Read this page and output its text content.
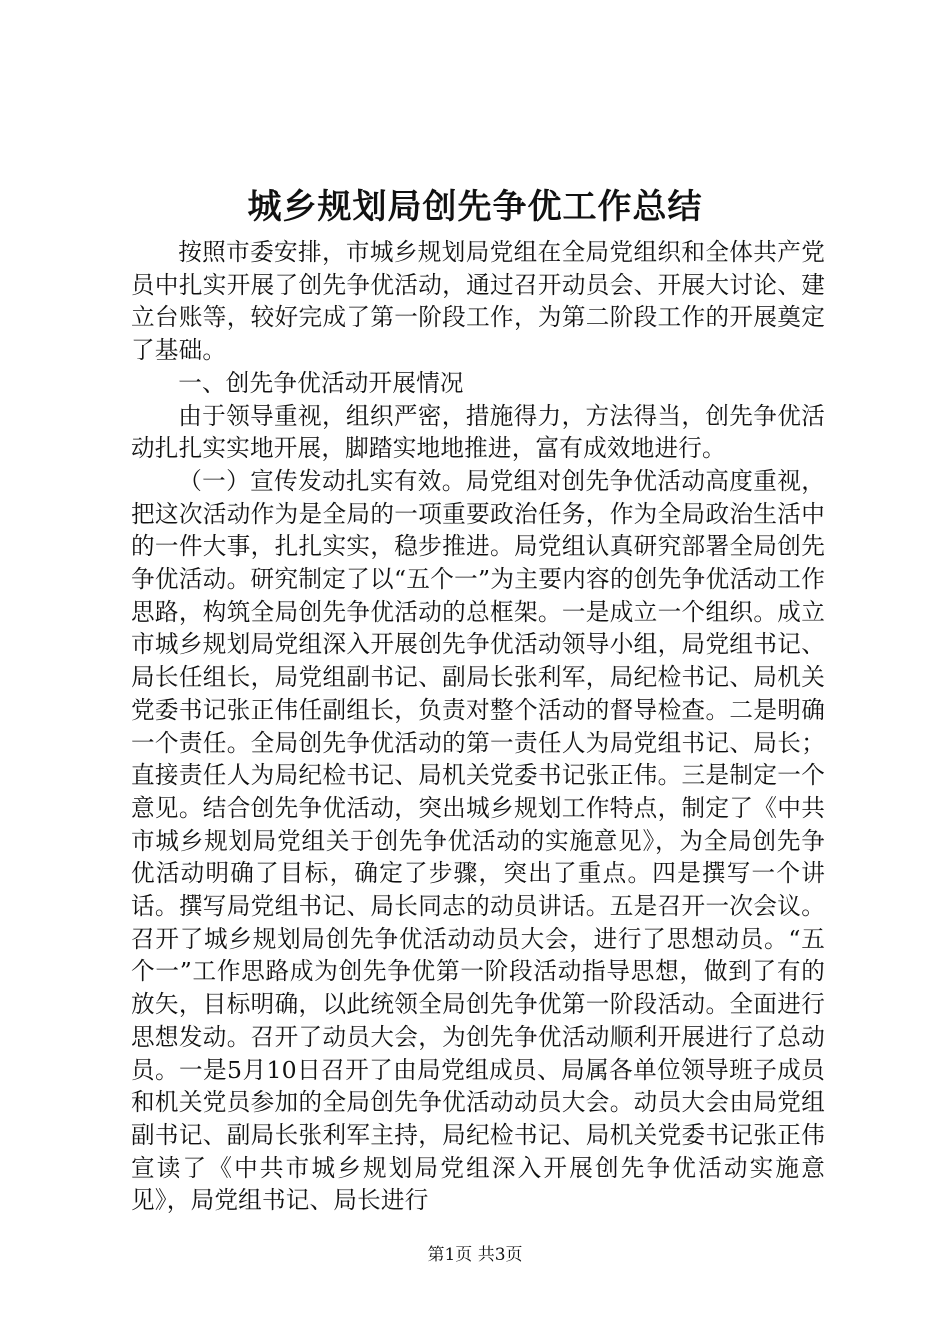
城乡规划局创先争优工作总结

按照市委安排，市城乡规划局党组在全局党组织和全体共产党员中扎实开展了创先争优活动，通过召开动员会、开展大讨论、建立台账等，较好完成了第一阶段工作，为第二阶段工作的开展奠定了基础。

一、创先争优活动开展情况

由于领导重视，组织严密，措施得力，方法得当，创先争优活动扎扎实实地开展，脚踏实地地推进，富有成效地进行。

（一）宣传发动扎实有效。局党组对创先争优活动高度重视，把这次活动作为是全局的一项重要政治任务，作为全局政治生活中的一件大事，扎扎实实，稳步推进。局党组认真研究部署全局创先争优活动。研究制定了以“五个一”为主要内容的创先争优活动工作思路，构筑全局创先争优活动的总框架。一是成立一个组织。成立市城乡规划局党组深入开展创先争优活动领导小组，局党组书记、局长任组长，局党组副书记、副局长张利军，局纪检书记、局机关党委书记张正伟任副组长，负责对整个活动的督导检查。二是明确一个责任。全局创先争优活动的第一责任人为局党组书记、局长；直接责任人为局纪检书记、局机关党委书记张正伟。三是制定一个意见。结合创先争优活动，突出城乡规划工作特点，制定了《中共市城乡规划局党组关于创先争优活动的实施意见》，为全局创先争优活动明确了目标，确定了步骤，突出了重点。四是撰写一个讲话。撰写局党组书记、局长同志的动员讲话。五是召开一次会议。召开了城乡规划局创先争优活动动员大会，进行了思想动员。“五个一”工作思路成为创先争优第一阶段活动指导思想，做到了有的放矢，目标明确，以此统领全局创先争优第一阶段活动。全面进行思想发动。召开了动员大会，为创先争优活动顺利开展进行了总动员。一是5月10日召开了由局党组成员、局属各单位领导班子成员和机关党员参加的全局创先争优活动动员大会。动员大会由局党组副书记、副局长张利军主持，局纪检书记、局机关党委书记张正伟宣读了《中共市城乡规划局党组深入开展创先争优活动实施意见》，局党组书记、局长进行

第1页 共3页
